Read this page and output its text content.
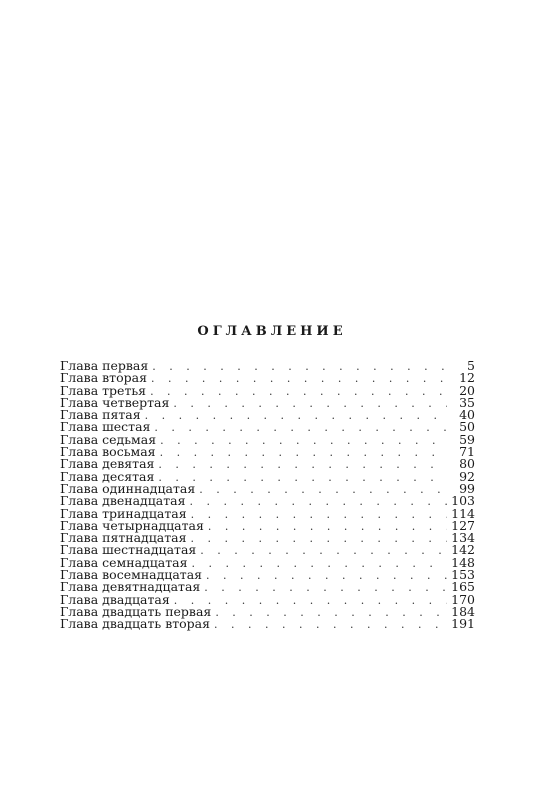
ОГЛАВЛЕНИЕ
Глава первая . . .	5
Глава вторая . . .	12
Глава третья . . .	20
Глава четвертая . . .	35
Глава пятая . . .	40
Глава шестая . . .	50
Глава седьмая . . .	59
Глава восьмая . . .	71
Глава девятая . . .	80
Глава десятая . . .	92
Глава одиннадцатая . . .	99
Глава двенадцатая . . .	103
Глава тринадцатая . . .	114
Глава четырнадцатая . . .	127
Глава пятнадцатая . . .	134
Глава шестнадцатая . . .	142
Глава семнадцатая . . .	148
Глава восемнадцатая . . .	153
Глава девятнадцатая . . .	165
Глава двадцатая . . .	170
Глава двадцать первая . . .	184
Глава двадцать вторая . . .	191
